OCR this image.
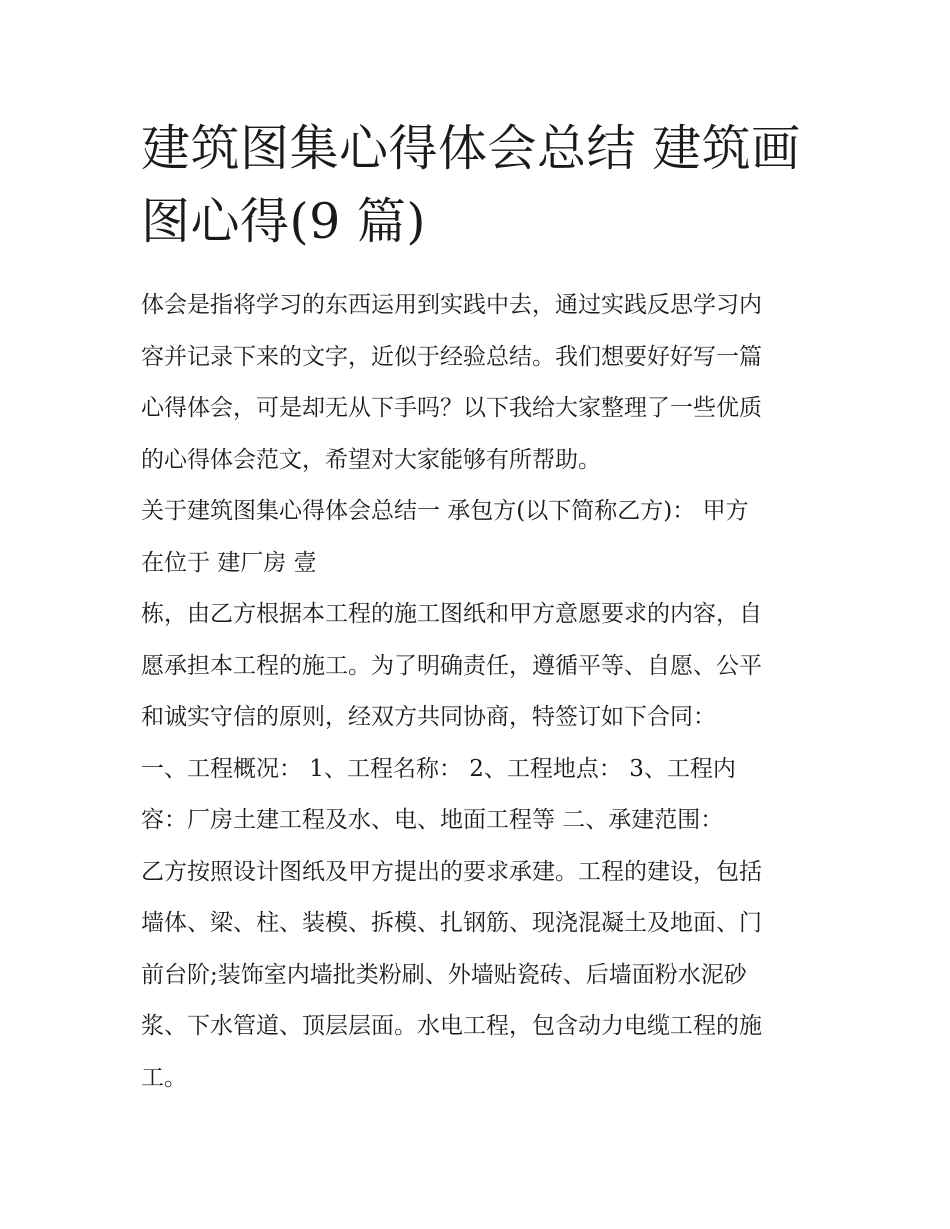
建筑图集心得体会总结 建筑画
图心得(9 篇)
体会是指将学习的东西运用到实践中去，通过实践反思学习内
容并记录下来的文字，近似于经验总结。我们想要好好写一篇
心得体会，可是却无从下手吗？以下我给大家整理了一些优质
的心得体会范文，希望对大家能够有所帮助。
关于建筑图集心得体会总结一 承包方(以下简称乙方)： 甲方
在位于 建厂房 壹
栋，由乙方根据本工程的施工图纸和甲方意愿要求的内容，自
愿承担本工程的施工。为了明确责任，遵循平等、自愿、公平
和诚实守信的原则，经双方共同协商，特签订如下合同：
一、工程概况： 1、工程名称： 2、工程地点： 3、工程内
容：厂房土建工程及水、电、地面工程等 二、承建范围：
乙方按照设计图纸及甲方提出的要求承建。工程的建设，包括
墙体、梁、柱、装模、拆模、扎钢筋、现浇混凝土及地面、门
前台阶;装饰室内墙批类粉刷、外墙贴瓷砖、后墙面粉水泥砂
浆、下水管道、顶层层面。水电工程，包含动力电缆工程的施
工。
